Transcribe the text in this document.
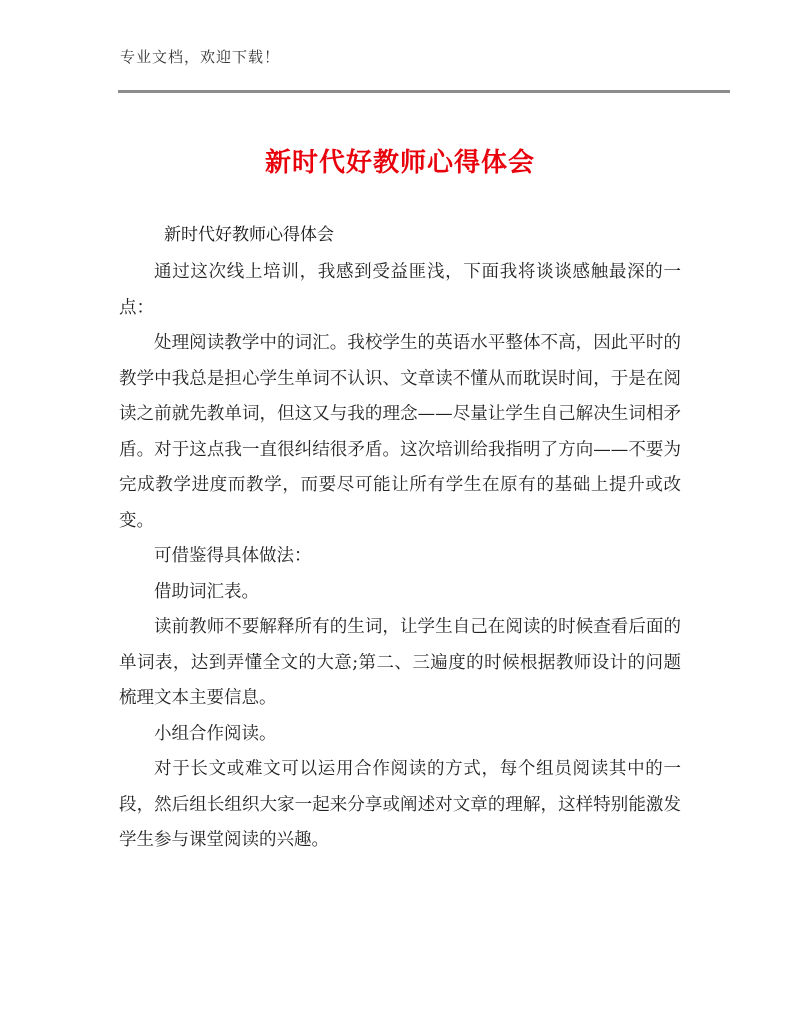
专业文档，欢迎下载！
新时代好教师心得体会
新时代好教师心得体会

通过这次线上培训，我感到受益匪浅，下面我将谈谈感触最深的一点：

处理阅读教学中的词汇。我校学生的英语水平整体不高，因此平时的教学中我总是担心学生单词不认识、文章读不懂从而耽误时间，于是在阅读之前就先教单词，但这又与我的理念——尽量让学生自己解决生词相矛盾。对于这点我一直很纠结很矛盾。这次培训给我指明了方向——不要为完成教学进度而教学，而要尽可能让所有学生在原有的基础上提升或改变。

可借鉴得具体做法：

借助词汇表。

读前教师不要解释所有的生词，让学生自己在阅读的时候查看后面的单词表，达到弄懂全文的大意;第二、三遍度的时候根据教师设计的问题梳理文本主要信息。

小组合作阅读。

对于长文或难文可以运用合作阅读的方式，每个组员阅读其中的一段，然后组长组织大家一起来分享或阐述对文章的理解，这样特别能激发学生参与课堂阅读的兴趣。
